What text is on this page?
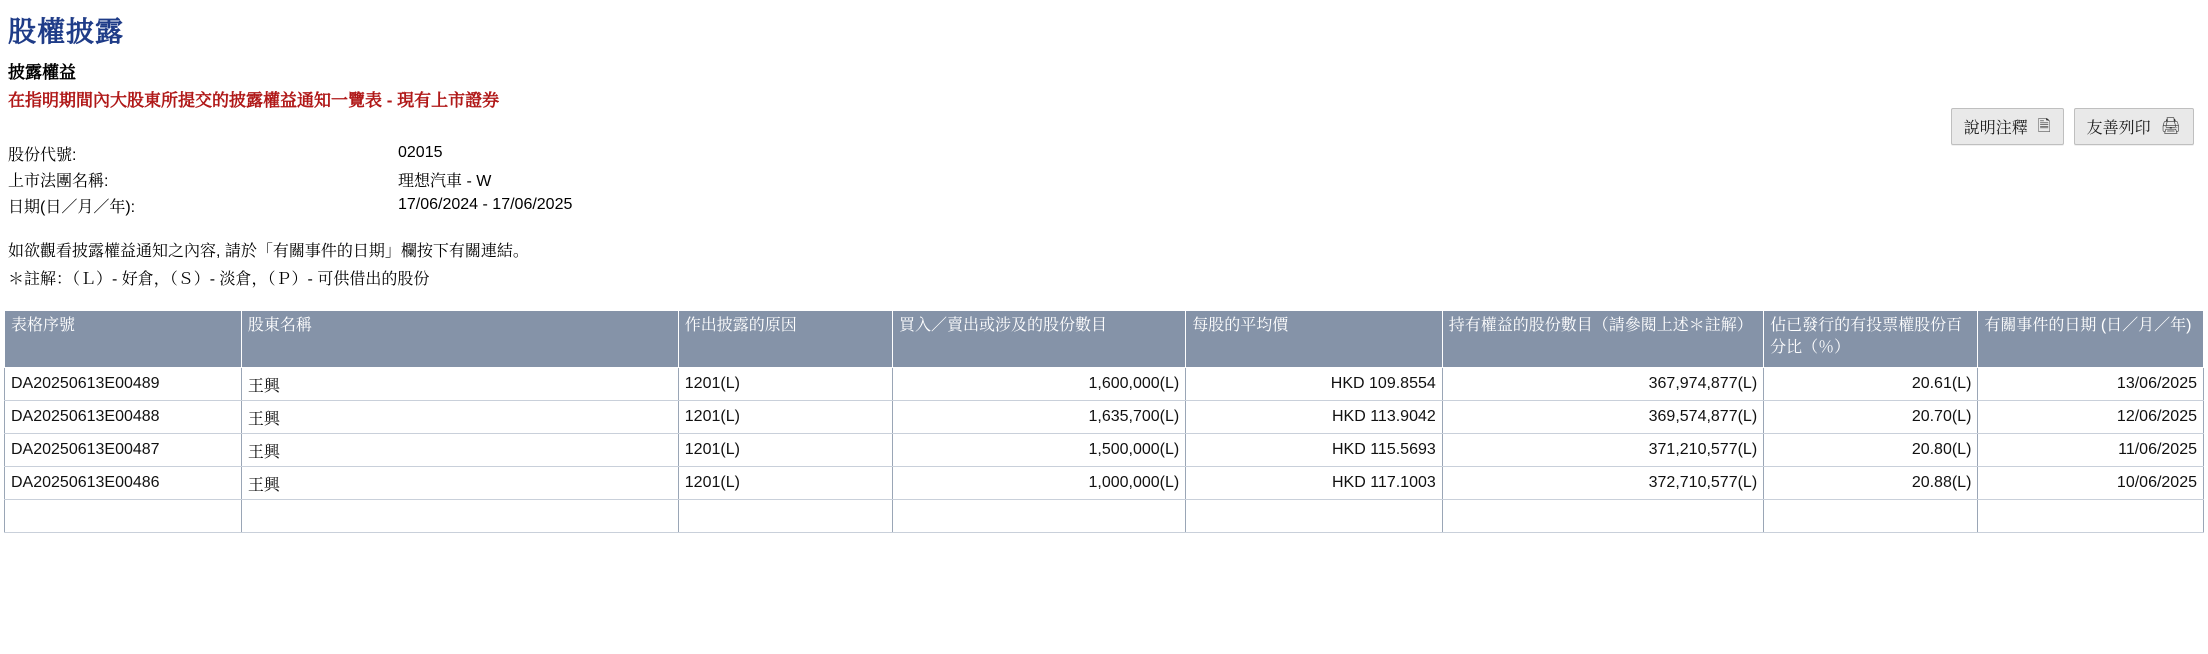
股權披露
披露權益
在指明期間內大股東所提交的披露權益通知一覽表 - 現有上市證券
說明注釋 🗎 友善列印 🖨
股份代號:	02015
上市法團名稱:	理想汽車 - W
日期(日／月／年):	17/06/2024 - 17/06/2025
如欲觀看披露權益通知之內容, 請於「有關事件的日期」欄按下有關連結。
＊註解：（Ｌ）- 好倉，（Ｓ）- 淡倉，（Ｐ）- 可供借出的股份
表格序號	股東名稱	作出披露的原因	買入／賣出或涉及的股份數目	每股的平均價	持有權益的股份數目（請參閱上述＊註解）	佔已發行的有投票權股份百分比（％）	有關事件的日期 (日／月／年)
DA20250613E00489	王興	1201(L)	1,600,000(L)	HKD 109.8554	367,974,877(L)	20.61(L)	13/06/2025
DA20250613E00488	王興	1201(L)	1,635,700(L)	HKD 113.9042	369,574,877(L)	20.70(L)	12/06/2025
DA20250613E00487	王興	1201(L)	1,500,000(L)	HKD 115.5693	371,210,577(L)	20.80(L)	11/06/2025
DA20250613E00486	王興	1201(L)	1,000,000(L)	HKD 117.1003	372,710,577(L)	20.88(L)	10/06/2025
